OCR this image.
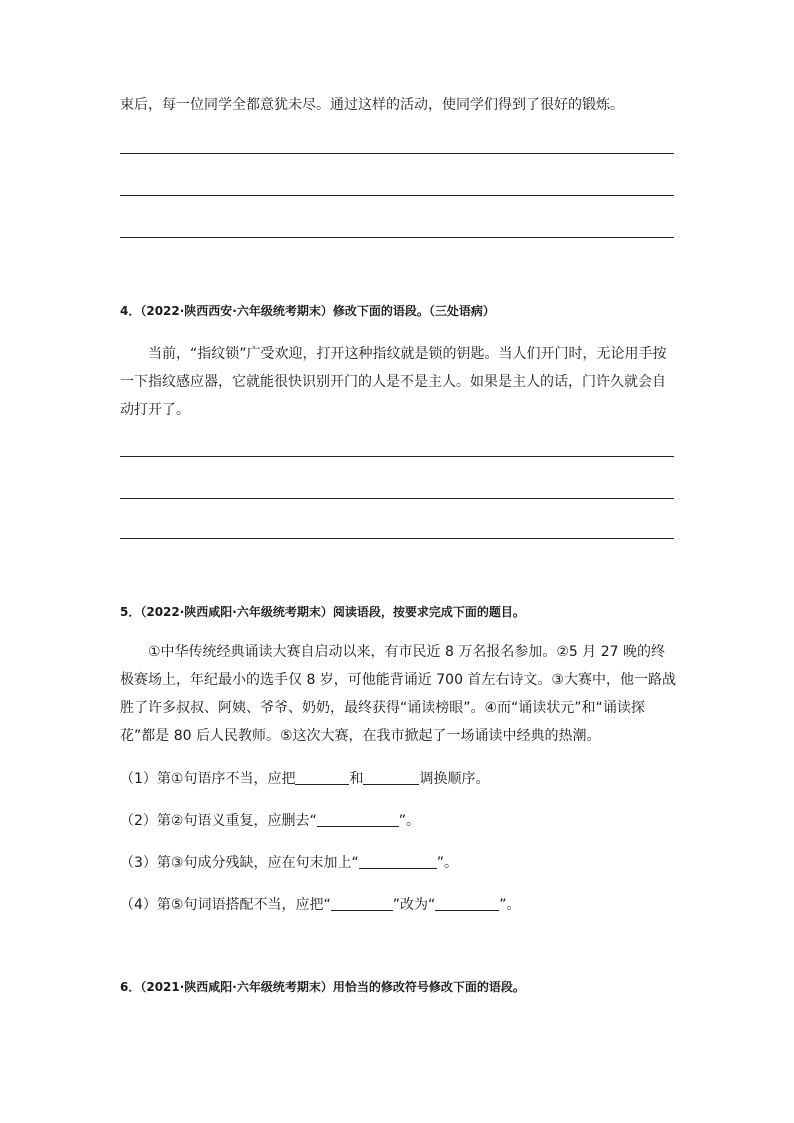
束后，每一位同学全都意犹未尽。通过这样的活动，使同学们得到了很好的锻炼。
4．（2022·陕西西安·六年级统考期末）修改下面的语段。（三处语病）
当前，“指纹锁”广受欢迎，打开这种指纹就是锁的钥匙。当人们开门时，无论用手按一下指纹感应器，它就能很快识别开门的人是不是主人。如果是主人的话，门许久就会自动打开了。
5．（2022·陕西咸阳·六年级统考期末）阅读语段，按要求完成下面的题目。
①中华传统经典诵读大赛自启动以来，有市民近 8 万名报名参加。②5 月 27 晚的终极赛场上，年纪最小的选手仅 8 岁，可他能背诵近 700 首左右诗文。③大赛中，他一路战胜了许多叔叔、阿姨、爷爷、奶奶，最终获得“诵读榜眼”。④而“诵读状元”和“诵读探花”都是 80 后人民教师。⑤这次大赛，在我市掀起了一场诵读中经典的热潮。
（1）第①句语序不当，应把	和	调换顺序。
（2）第②句语义重复，应删去“	”。
（3）第③句成分残缺，应在句末加上“	”。
（4）第⑤句词语搭配不当，应把“	”改为“	”。
6．（2021·陕西咸阳·六年级统考期末）用恰当的修改符号修改下面的语段。
